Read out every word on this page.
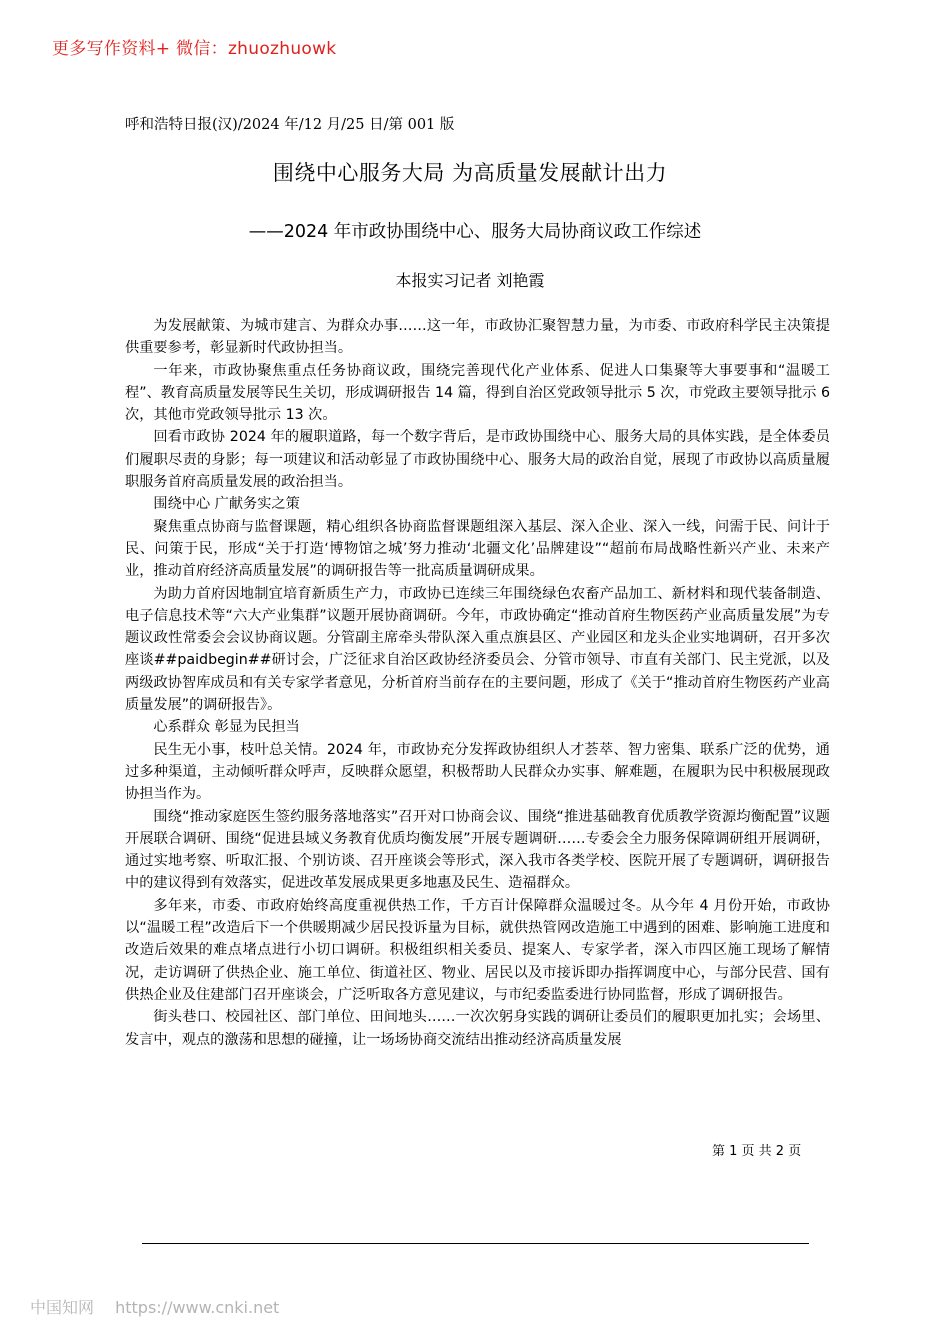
更多写作资料+ 微信：zhuozhuowk
呼和浩特日报(汉)/2024 年/12 月/25 日/第 001 版
围绕中心服务大局 为高质量发展献计出力
——2024 年市政协围绕中心、服务大局协商议政工作综述
本报实习记者 刘艳霞

为发展献策、为城市建言、为群众办事……这一年，市政协汇聚智慧力量，为市委、市政府科学民主决策提供重要参考，彰显新时代政协担当。

一年来，市政协聚焦重点任务协商议政，围绕完善现代化产业体系、促进人口集聚等大事要事和“温暖工程”、教育高质量发展等民生关切，形成调研报告 14 篇，得到自治区党政领导批示 5 次，市党政主要领导批示 6 次，其他市党政领导批示 13 次。

回看市政协 2024 年的履职道路，每一个数字背后，是市政协围绕中心、服务大局的具体实践，是全体委员们履职尽责的身影；每一项建议和活动彰显了市政协围绕中心、服务大局的政治自觉，展现了市政协以高质量履职服务首府高质量发展的政治担当。

围绕中心 广献务实之策

聚焦重点协商与监督课题，精心组织各协商监督课题组深入基层、深入企业、深入一线，问需于民、问计于民、问策于民，形成“关于打造‘博物馆之城’努力推动‘北疆文化’品牌建设”“超前布局战略性新兴产业、未来产业，推动首府经济高质量发展”的调研报告等一批高质量调研成果。

为助力首府因地制宜培育新质生产力，市政协已连续三年围绕绿色农畜产品加工、新材料和现代装备制造、电子信息技术等“六大产业集群”议题开展协商调研。今年，市政协确定“推动首府生物医药产业高质量发展”为专题议政性常委会会议协商议题。分管副主席牵头带队深入重点旗县区、产业园区和龙头企业实地调研，召开多次座谈##paidbegin##研讨会，广泛征求自治区政协经济委员会、分管市领导、市直有关部门、民主党派，以及两级政协智库成员和有关专家学者意见，分析首府当前存在的主要问题，形成了《关于“推动首府生物医药产业高质量发展”的调研报告》。

心系群众 彰显为民担当

民生无小事，枝叶总关情。2024 年，市政协充分发挥政协组织人才荟萃、智力密集、联系广泛的优势，通过多种渠道，主动倾听群众呼声，反映群众愿望，积极帮助人民群众办实事、解难题，在履职为民中积极展现政协担当作为。

围绕“推动家庭医生签约服务落地落实”召开对口协商会议、围绕“推进基础教育优质教学资源均衡配置”议题开展联合调研、围绕“促进县域义务教育优质均衡发展”开展专题调研……专委会全力服务保障调研组开展调研，通过实地考察、听取汇报、个别访谈、召开座谈会等形式，深入我市各类学校、医院开展了专题调研，调研报告中的建议得到有效落实，促进改革发展成果更多地惠及民生、造福群众。

多年来，市委、市政府始终高度重视供热工作，千方百计保障群众温暖过冬。从今年 4 月份开始，市政协以“温暖工程”改造后下一个供暖期减少居民投诉量为目标，就供热管网改造施工中遇到的困难、影响施工进度和改造后效果的难点堵点进行小切口调研。积极组织相关委员、提案人、专家学者，深入市四区施工现场了解情况，走访调研了供热企业、施工单位、街道社区、物业、居民以及市接诉即办指挥调度中心，与部分民营、国有供热企业及住建部门召开座谈会，广泛听取各方意见建议，与市纪委监委进行协同监督，形成了调研报告。

街头巷口、校园社区、部门单位、田间地头……一次次躬身实践的调研让委员们的履职更加扎实；会场里、发言中，观点的激荡和思想的碰撞，让一场场协商交流结出推动经济高质量发展

第 1 页 共 2 页
中国知网 https://www.cnki.net
